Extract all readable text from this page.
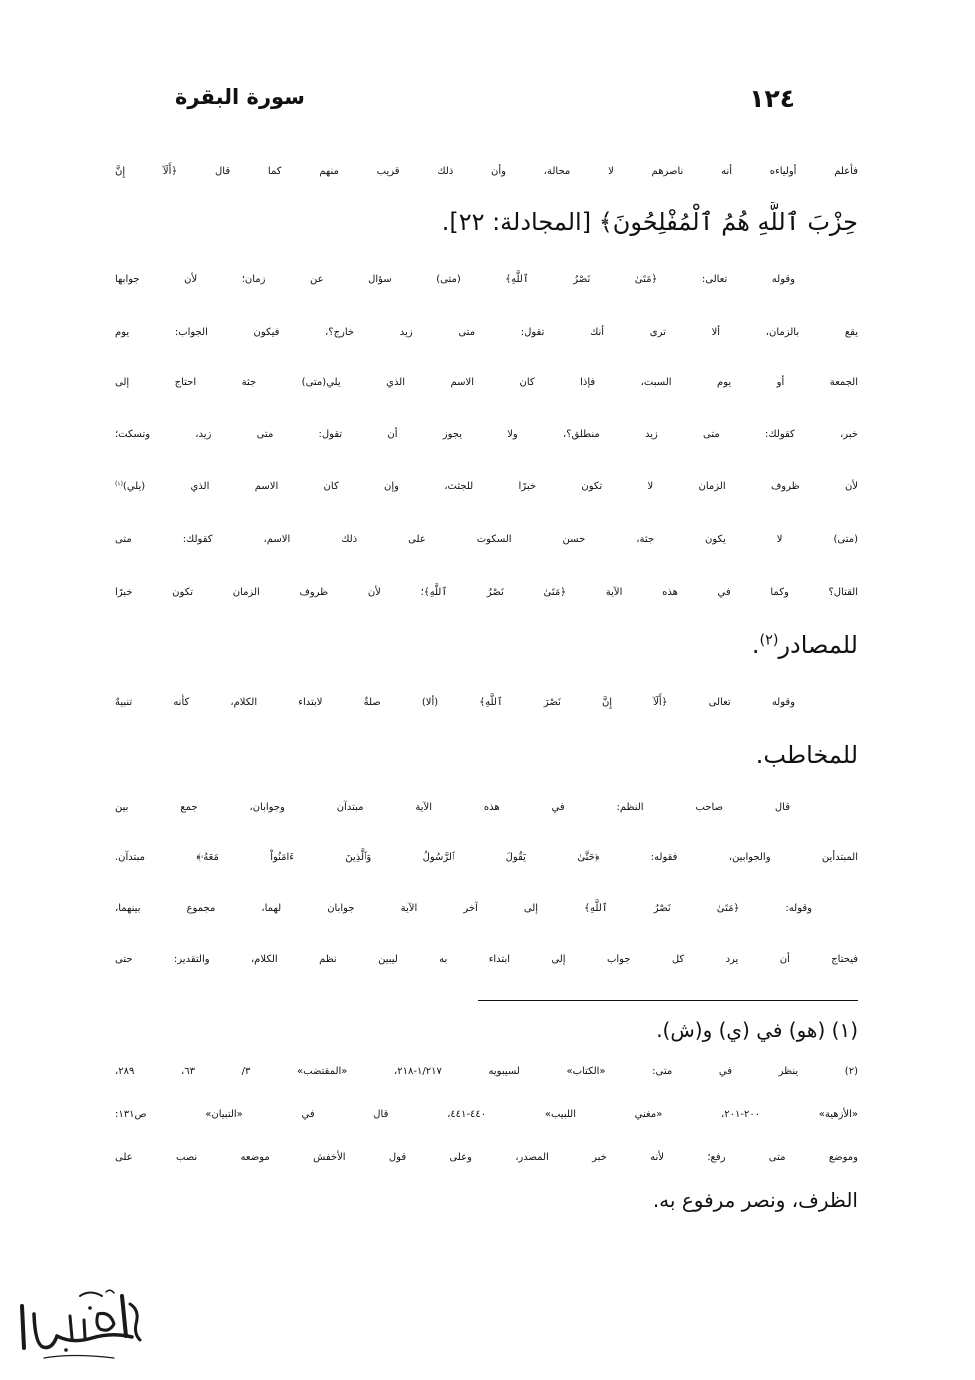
١٢٤
سورة البقرة
فأعلم أولياءه أنه ناصرهم لا محالة، وأن ذلك قريب منهم كما قال ﴿أَلَآ إِنَّ
حِزْبَ ٱللَّهِ هُمُ ٱلْمُفْلِحُونَ﴾ [المجادلة: ٢٢].
وقوله تعالى: ﴿مَتَىٰ نَصْرُ ٱللَّهِ﴾ (متى) سؤال عن زمان؛ لأن جوابها
يقع بالزمان، ألا ترى أنك تقول: متى زيد خارج؟، فيكون الجواب: يوم
الجمعة أو يوم السبت، فإذا كان الاسم الذي يلي(متى) جثة احتاج إلى
خبر، كقولك: متى زيد منطلق؟، ولا يجوز أن تقول: متى زيد، وتسكت؛
لأن ظروف الزمان لا تكون خبرًا للجثث، وإن كان الاسم الذي (يلي)$^{(١)}$
(متى) لا يكون جثة، حسن السكوت على ذلك الاسم، كقولك: متى
القتال؟ وكما في هذه الآية ﴿مَتَىٰ نَصْرُ ٱللَّهِ﴾؛ لأن ظروف الزمان تكون خبرًا
للمصادر$^{(٢)}$.
وقوله تعالى ﴿أَلَآ إِنَّ نَصْرَ ٱللَّهِ﴾ (ألا) صلةٌ لابتداء الكلام، كأنه تنبيهٌ
للمخاطب.
قال صاحب النظم: في هذه الآية مبتدآن وجوابان، جمع بين
المبتدأين والجوابين، فقوله: ﴿حَتَّىٰ يَقُولَ ٱلرَّسُولُ وَٱلَّذِينَ ءَامَنُواْ مَعَهُۥ﴾ مبتدآن.
وقوله: ﴿مَتَىٰ نَصْرُ ٱللَّهِ﴾ إلى آخر الآية جوابان لهما، مجموع بينهما،
فيحتاج أن يرد كل جواب إلى ابتداء به ليبين نظم الكلام، والتقدير: حتى
(١) (هو) في (ي) و(ش).
(٢) ينظر في متى: «الكتاب» لسيبويه ١/٢١٧-٢١٨، «المقتضب» ٣/ ٦٣، ٢٨٩،
«الأزهية» ٢٠٠-٢٠١، «مغني اللبيب» ٤٤٠-٤٤١، قال في «التبيان» ص١٣١:
وموضع متى رفع؛ لأنه خبر المصدر، وعلى قول الأخفش موضعه نصب على
الظرف، ونصر مرفوع به.
